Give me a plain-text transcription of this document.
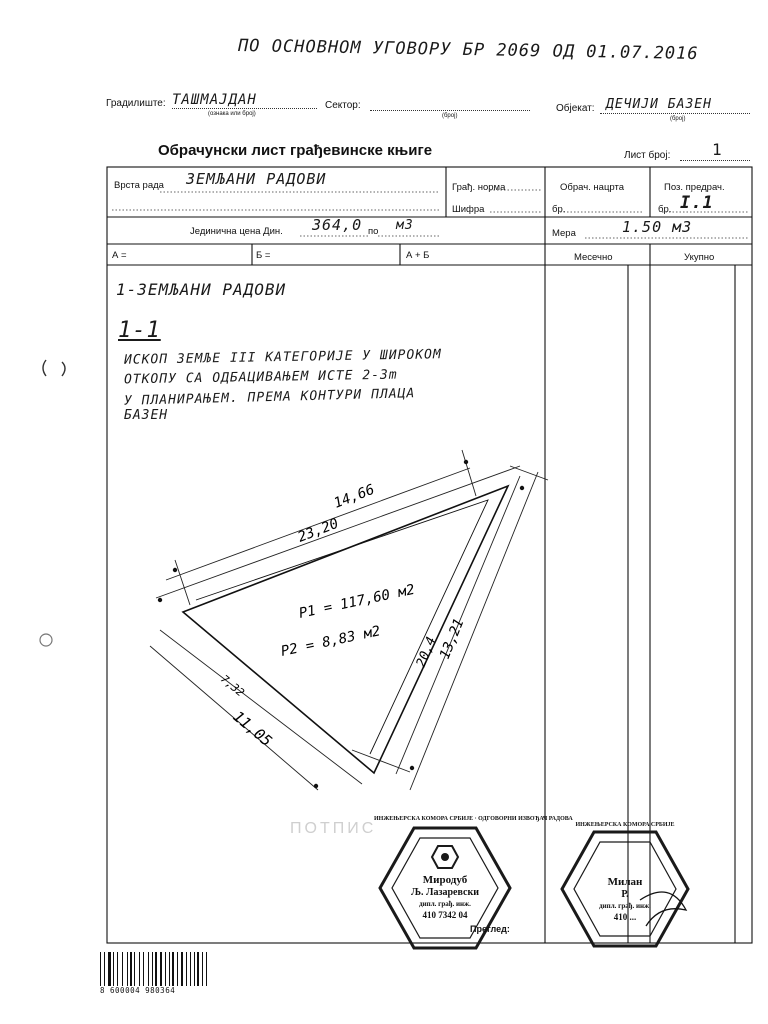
ПО ОСНОВНОМ УГОВОРУ БР 2069 ОД 01.07.2016
Градилиште: ТАШМАЈДАН
(ознака или број)
Сектор:
(број)
Објекат: ДЕЧИЈИ БАЗЕН
(број)
Обрачунски лист грађевинске књиге	Лист број:	1
Врста рада ЗЕМЉАНИ РАДОВИ	Грађ. норма
Шифра
Обрач. нацрта
бр.
Поз. предрач.
бр. I.1
Јединична цена Дин. 364,0 по м3
Мера	1.50 м3
А =	Б =	А + Б	Месечно	Укупно
1-ЗЕМЉАНИ РАДОВИ
1-1
ИСКОП ЗЕМЉЕ III КАТЕГОРИЈЕ У ШИРОКОМ
ОТКОПУ СА ОДБАЦИВАЊЕМ ИСТЕ 2-3m
У ПЛАНИРАЊЕМ. ПРЕМА КОНТУРИ ПЛАЦА
БАЗЕН
14,66
23,20
13,21
20,4
11,05
7,32
P1 = 117,60 м2
P2 = 8,83 м2
ПОТПИС
ИНЖЕЊЕРСКА КОМОРА СРБИЈЕ · ОДГОВОРНИ ИЗВОЂАЧ РАДОВА
Миродуб
Љ. Лазаревски
дипл. грађ. инж.
410 7342 04
Преглед:
ИНЖЕЊЕРСКА КОМОРА СРБИЈЕ
Милан
Р.
дипл. грађ. инж.
410 ...
8 600004 980364
